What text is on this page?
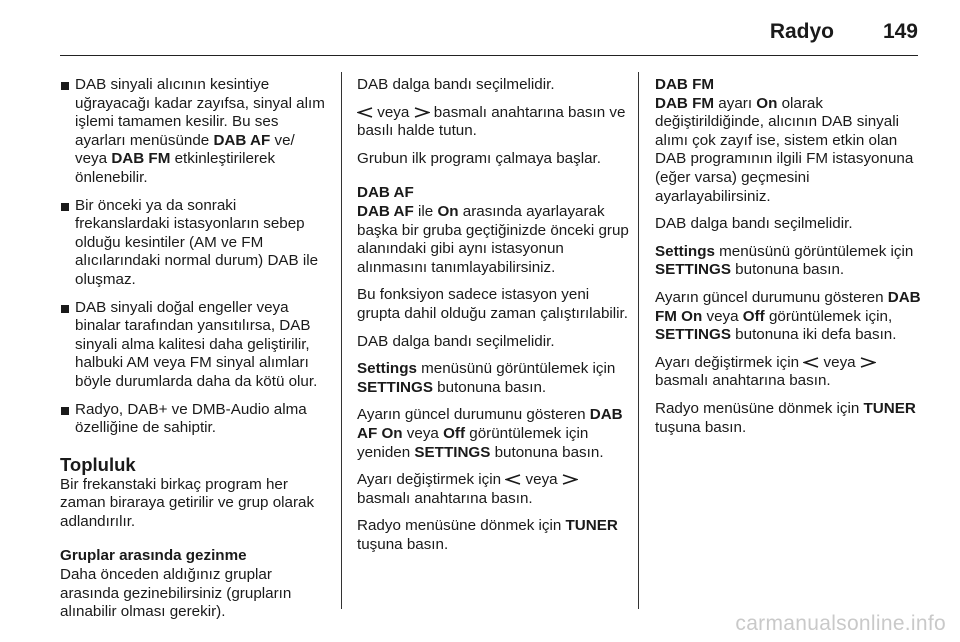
Radyo 149
DAB sinyali alıcının kesintiye uğrayacağı kadar zayıfsa, sinyal alım işlemi tamamen kesilir. Bu ses ayarları menüsünde DAB AF ve/ veya DAB FM etkinleştirilerek önlenebilir.
Bir önceki ya da sonraki frekanslardaki istasyonların sebep olduğu kesintiler (AM ve FM alıcılarındaki normal durum) DAB ile oluşmaz.
DAB sinyali doğal engeller veya binalar tarafından yansıtılırsa, DAB sinyali alma kalitesi daha geliştirilir, halbuki AM veya FM sinyal alımları böyle durumlarda daha da kötü olur.
Radyo, DAB+ ve DMB-Audio alma özelliğine de sahiptir.
Topluluk

Bir frekanstaki birkaç program her zaman biraraya getirilir ve grup olarak adlandırılır.

Gruplar arasında gezinme

Daha önceden aldığınız gruplar arasında gezinebilirsiniz (grupların alınabilir olması gerekir).

DAB dalga bandı seçilmelidir.

veya basmalı anahtarına basın ve basılı halde tutun.

Grubun ilk programı çalmaya başlar.

DAB AF

DAB AF ile On arasında ayarlayarak başka bir gruba geçtiğinizde önceki grup alanındaki gibi aynı istasyonun alınmasını tanımlayabilirsiniz.

Bu fonksiyon sadece istasyon yeni grupta dahil olduğu zaman çalıştırılabilir.

DAB dalga bandı seçilmelidir.

Settings menüsünü görüntülemek için SETTINGS butonuna basın.

Ayarın güncel durumunu gösteren DAB AF On veya Off görüntülemek için yeniden SETTINGS butonuna basın.

Ayarı değiştirmek için veya  basmalı anahtarına basın.

Radyo menüsüne dönmek için TUNER tuşuna basın.

DAB FM

DAB FM ayarı On olarak değiştirildiğinde, alıcının DAB sinyali alımı çok zayıf ise, sistem etkin olan DAB programının ilgili FM istasyonuna (eğer varsa) geçmesini ayarlayabilirsiniz.

DAB dalga bandı seçilmelidir.

Settings menüsünü görüntülemek için SETTINGS butonuna basın.

Ayarın güncel durumunu gösteren DAB FM On veya Off görüntülemek için, SETTINGS butonuna iki defa basın.

Ayarı değiştirmek için veya  basmalı anahtarına basın.

Radyo menüsüne dönmek için TUNER tuşuna basın.

carmanualsonline.info
